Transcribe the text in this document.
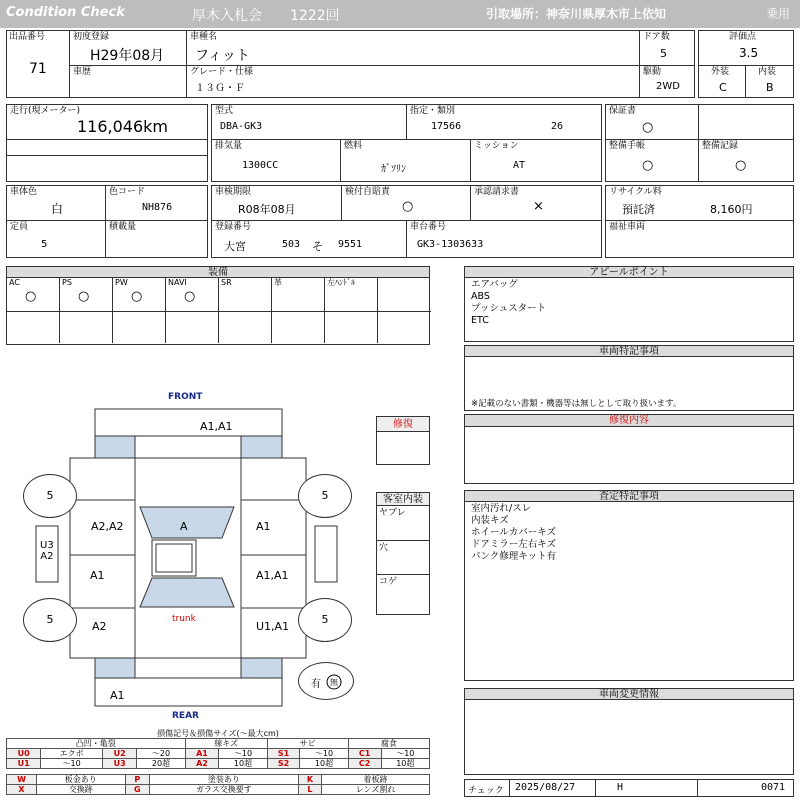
Condition Check	厚木入札会 1222回	引取場所：神奈川県厚木市上依知	乗用
出品番号
71
初度登録
H29年08月
車種名
フィット
ドア数
5
評価点
3.5
車歴	グレード・仕様
１３Ｇ・Ｆ
駆動
2WD
外装
C
内装
B
走行(現メーター)
116,046km
型式
DBA-GK3
指定・類別
17566	26
排気量
1300CC
燃料
ｶﾞｿﾘﾝ
ミッション
AT
保証書
○
整備手帳
○
整備記録
○
車体色
白
色コード
NH876
車検期限
R08年08月
検付自賠責
○
承認請求書
×
リサイクル料
預託済	8,160円
定員
5
積載量	登録番号
大宮	503 そ 9551
車台番号
GK3-1303633
福祉車両
装備
AC
○
PS
○
PW
○
NAVI
○
SR	革	左ﾊﾝﾄﾞﾙ
FRONT
REAR
A1,A1
A2,A2	A	A1
A1	A1,A1
A2
trunk
U1,A1
A1
U3
A2
5	5
5	5
有 無
修復
客室内装
ヤブレ
穴
コゲ
アピールポイント
エアバッグ
ABS
プッシュスタート
ETC
車両特記事項
※記載のない書類・機器等は無しとして取り扱います。
修復内容
査定特記事項
室内汚れ/スレ
内装キズ
ホイールカバーキズ
ドアミラー左右キズ
パンク修理キット有
車両変更情報
チェック 2025/08/27	H	0071
損傷記号＆損傷サイズ(～最大cm)
凸凹・亀裂				線キズ		サビ		腐食	
U0	エクボ	U2	～20	A1	～10	S1	～10	C1	～10
U1	～10	U3	20超	A2	10超	S2	10超	C2	10超
W	板金あり	P	塗装あり	K	着板跡
X	交換跡	G	ガラス交換要す	L	レンズ割れ
